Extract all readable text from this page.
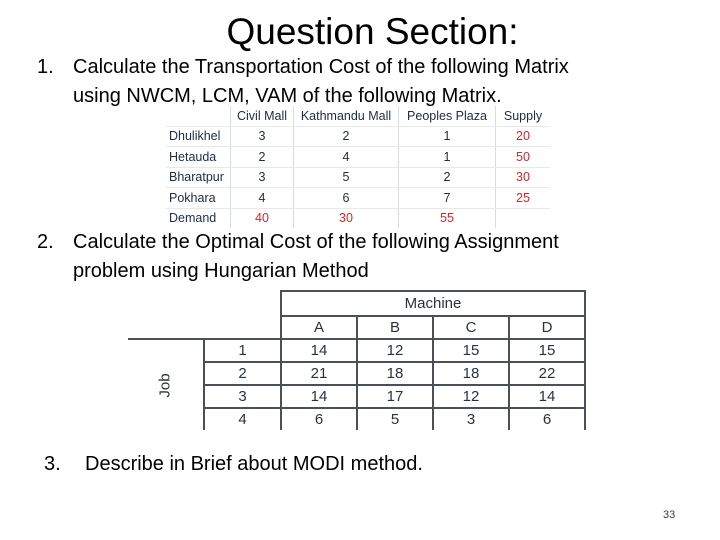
Question Section:
1. Calculate the Transportation Cost of the following Matrix
using NWCM, LCM, VAM of the following Matrix.
	Civil Mall	Kathmandu Mall	Peoples Plaza	Supply
Dhulikhel	3	2	1	20
Hetauda	2	4	1	50
Bharatpur	3	5	2	30
Pokhara	4	6	7	25
Demand	40	30	55	
2. Calculate the Optimal Cost of the following Assignment
problem using Hungarian Method
		Machine			
		A	B	C	D
Job	1	14	12	15	15
	2	21	18	18	22
	3	14	17	12	14
	4	6	5	3	6
3. Describe in Brief about MODI method.
33
